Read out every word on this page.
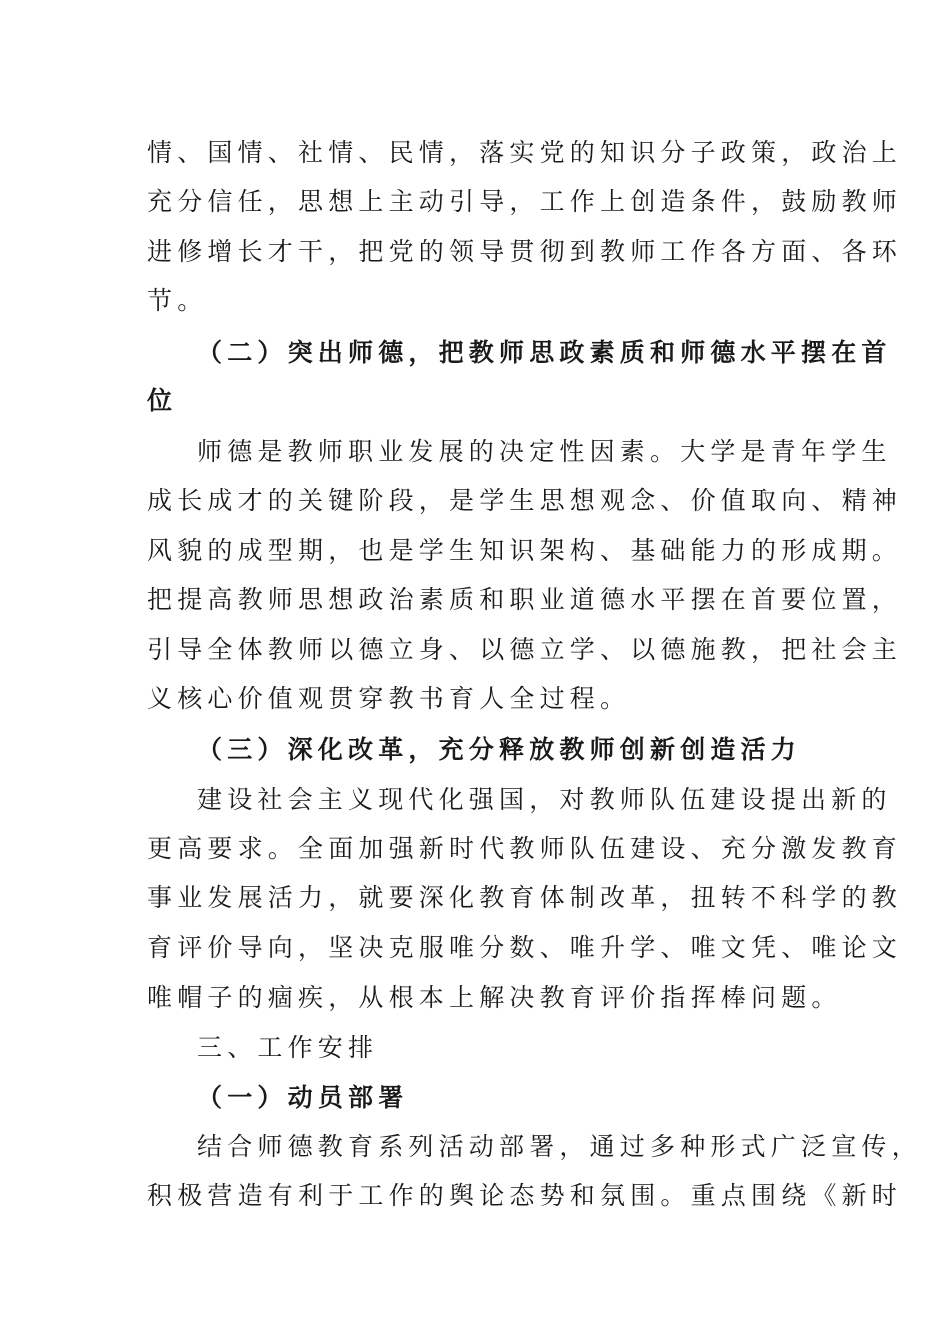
情、国情、社情、民情，落实党的知识分子政策，政治上
充分信任，思想上主动引导，工作上创造条件，鼓励教师
进修增长才干，把党的领导贯彻到教师工作各方面、各环
节。
（二）突出师德，把教师思政素质和师德水平摆在首
位
师德是教师职业发展的决定性因素。大学是青年学生
成长成才的关键阶段，是学生思想观念、价值取向、精神
风貌的成型期，也是学生知识架构、基础能力的形成期。
把提高教师思想政治素质和职业道德水平摆在首要位置，
引导全体教师以德立身、以德立学、以德施教，把社会主
义核心价值观贯穿教书育人全过程。
（三）深化改革，充分释放教师创新创造活力
建设社会主义现代化强国，对教师队伍建设提出新的
更高要求。全面加强新时代教师队伍建设、充分激发教育
事业发展活力，就要深化教育体制改革，扭转不科学的教
育评价导向，坚决克服唯分数、唯升学、唯文凭、唯论文
唯帽子的痼疾，从根本上解决教育评价指挥棒问题。
三、工作安排
（一）动员部署
结合师德教育系列活动部署，通过多种形式广泛宣传，
积极营造有利于工作的舆论态势和氛围。重点围绕《新时
